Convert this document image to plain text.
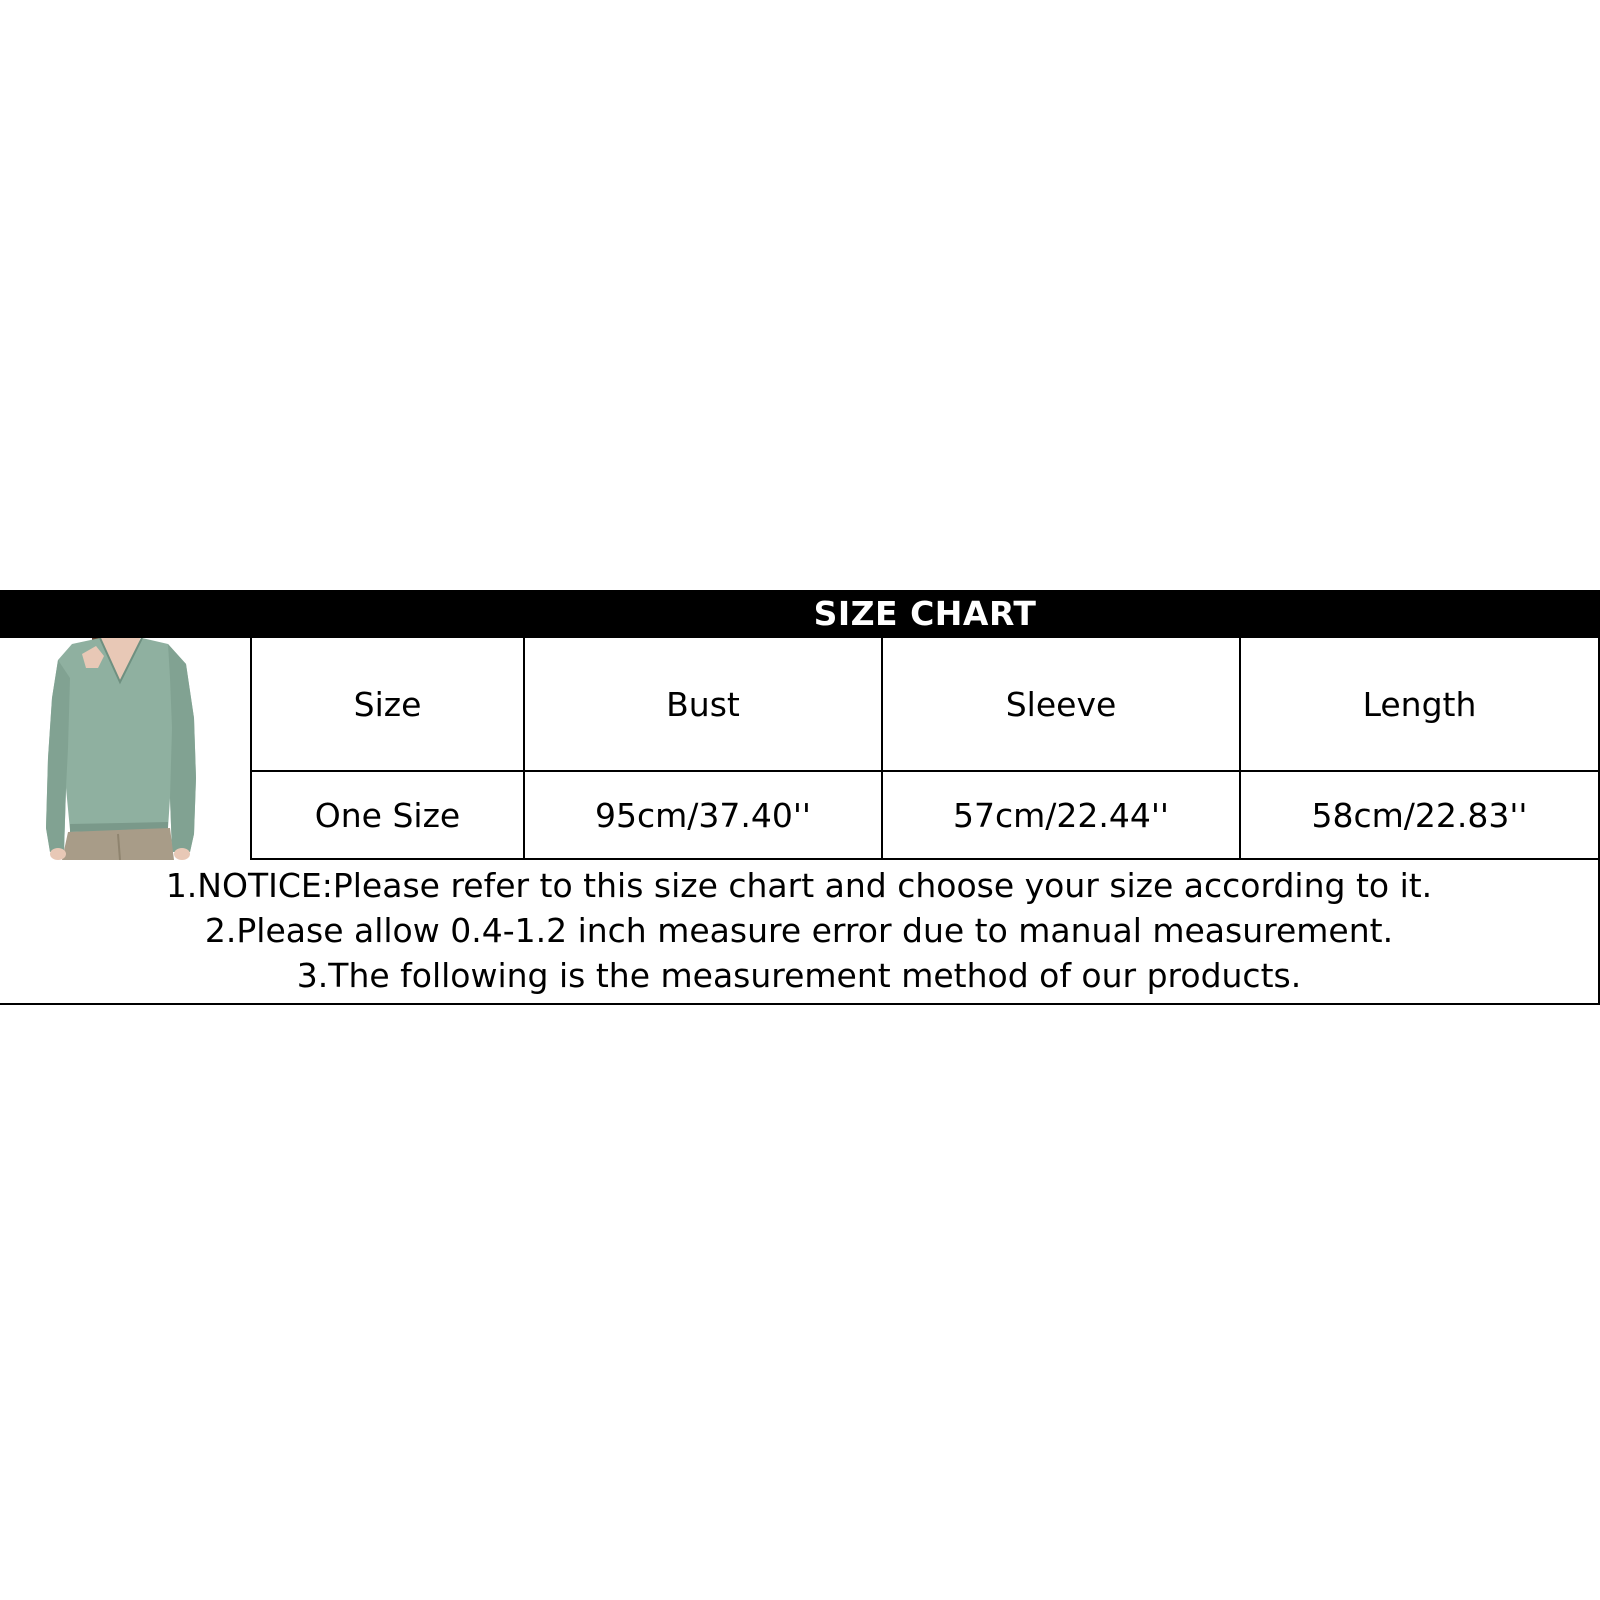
SIZE CHART
Size	Bust	Sleeve	Length
One Size	95cm/37.40''	57cm/22.44''	58cm/22.83''
1.NOTICE:Please refer to this size chart and choose your size according to it.
2.Please allow 0.4-1.2 inch measure error due to manual measurement.
3.The following is the measurement method of our products.
